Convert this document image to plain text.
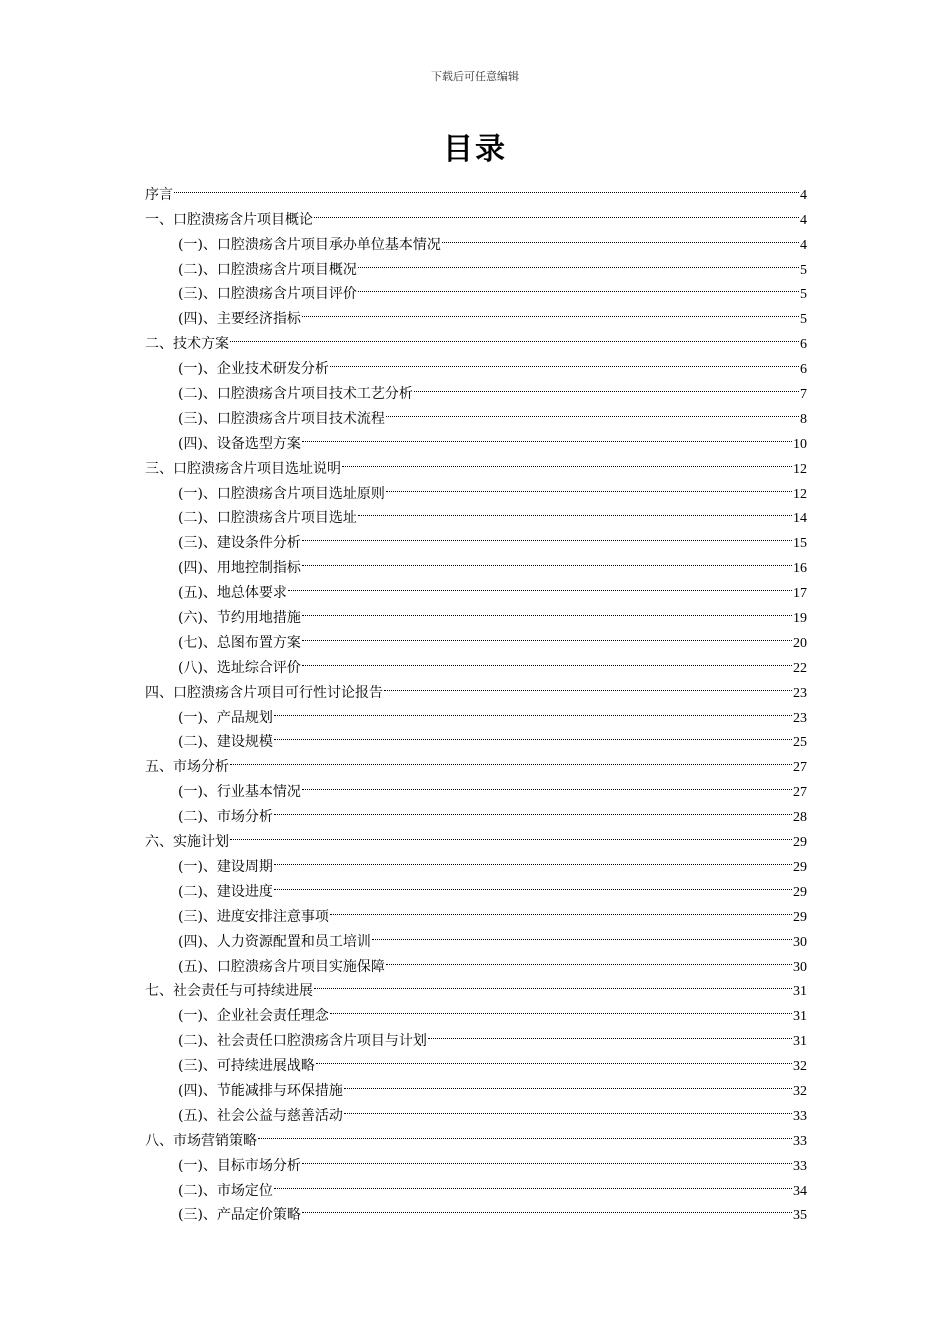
下载后可任意编辑
目录
序言	4
一、口腔溃疡含片项目概论	4
(一)、口腔溃疡含片项目承办单位基本情况	4
(二)、口腔溃疡含片项目概况	5
(三)、口腔溃疡含片项目评价	5
(四)、主要经济指标	5
二、技术方案	6
(一)、企业技术研发分析	6
(二)、口腔溃疡含片项目技术工艺分析	7
(三)、口腔溃疡含片项目技术流程	8
(四)、设备选型方案	10
三、口腔溃疡含片项目选址说明	12
(一)、口腔溃疡含片项目选址原则	12
(二)、口腔溃疡含片项目选址	14
(三)、建设条件分析	15
(四)、用地控制指标	16
(五)、地总体要求	17
(六)、节约用地措施	19
(七)、总图布置方案	20
(八)、选址综合评价	22
四、口腔溃疡含片项目可行性讨论报告	23
(一)、产品规划	23
(二)、建设规模	25
五、市场分析	27
(一)、行业基本情况	27
(二)、市场分析	28
六、实施计划	29
(一)、建设周期	29
(二)、建设进度	29
(三)、进度安排注意事项	29
(四)、人力资源配置和员工培训	30
(五)、口腔溃疡含片项目实施保障	30
七、社会责任与可持续进展	31
(一)、企业社会责任理念	31
(二)、社会责任口腔溃疡含片项目与计划	31
(三)、可持续进展战略	32
(四)、节能减排与环保措施	32
(五)、社会公益与慈善活动	33
八、市场营销策略	33
(一)、目标市场分析	33
(二)、市场定位	34
(三)、产品定价策略	35
